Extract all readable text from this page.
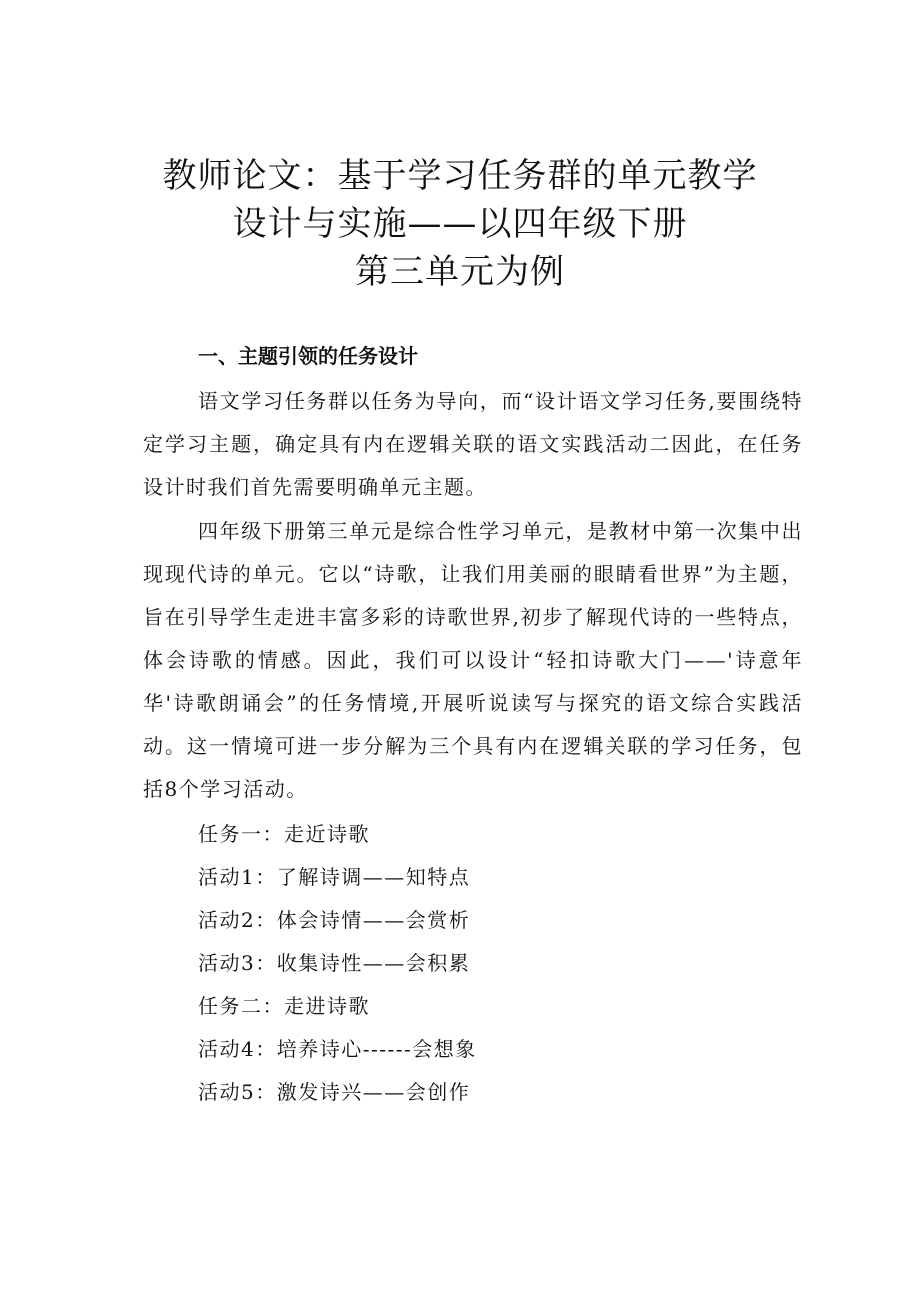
教师论文：基于学习任务群的单元教学
设计与实施——以四年级下册
第三单元为例
一、主题引领的任务设计

语文学习任务群以任务为导向，而“设计语文学习任务,要围绕特定学习主题，确定具有内在逻辑关联的语文实践活动二因此，在任务设计时我们首先需要明确单元主题。

四年级下册第三单元是综合性学习单元，是教材中第一次集中出现现代诗的单元。它以“诗歌，让我们用美丽的眼睛看世界”为主题，旨在引导学生走进丰富多彩的诗歌世界,初步了解现代诗的一些特点，体会诗歌的情感。因此，我们可以设计“轻扣诗歌大门——'诗意年华'诗歌朗诵会”的任务情境,开展听说读写与探究的语文综合实践活动。这一情境可进一步分解为三个具有内在逻辑关联的学习任务，包括8个学习活动。

任务一：走近诗歌
活动1：了解诗调——知特点
活动2：体会诗情——会赏析
活动3：收集诗性——会积累
任务二：走进诗歌
活动4：培养诗心------会想象
活动5：激发诗兴——会创作
